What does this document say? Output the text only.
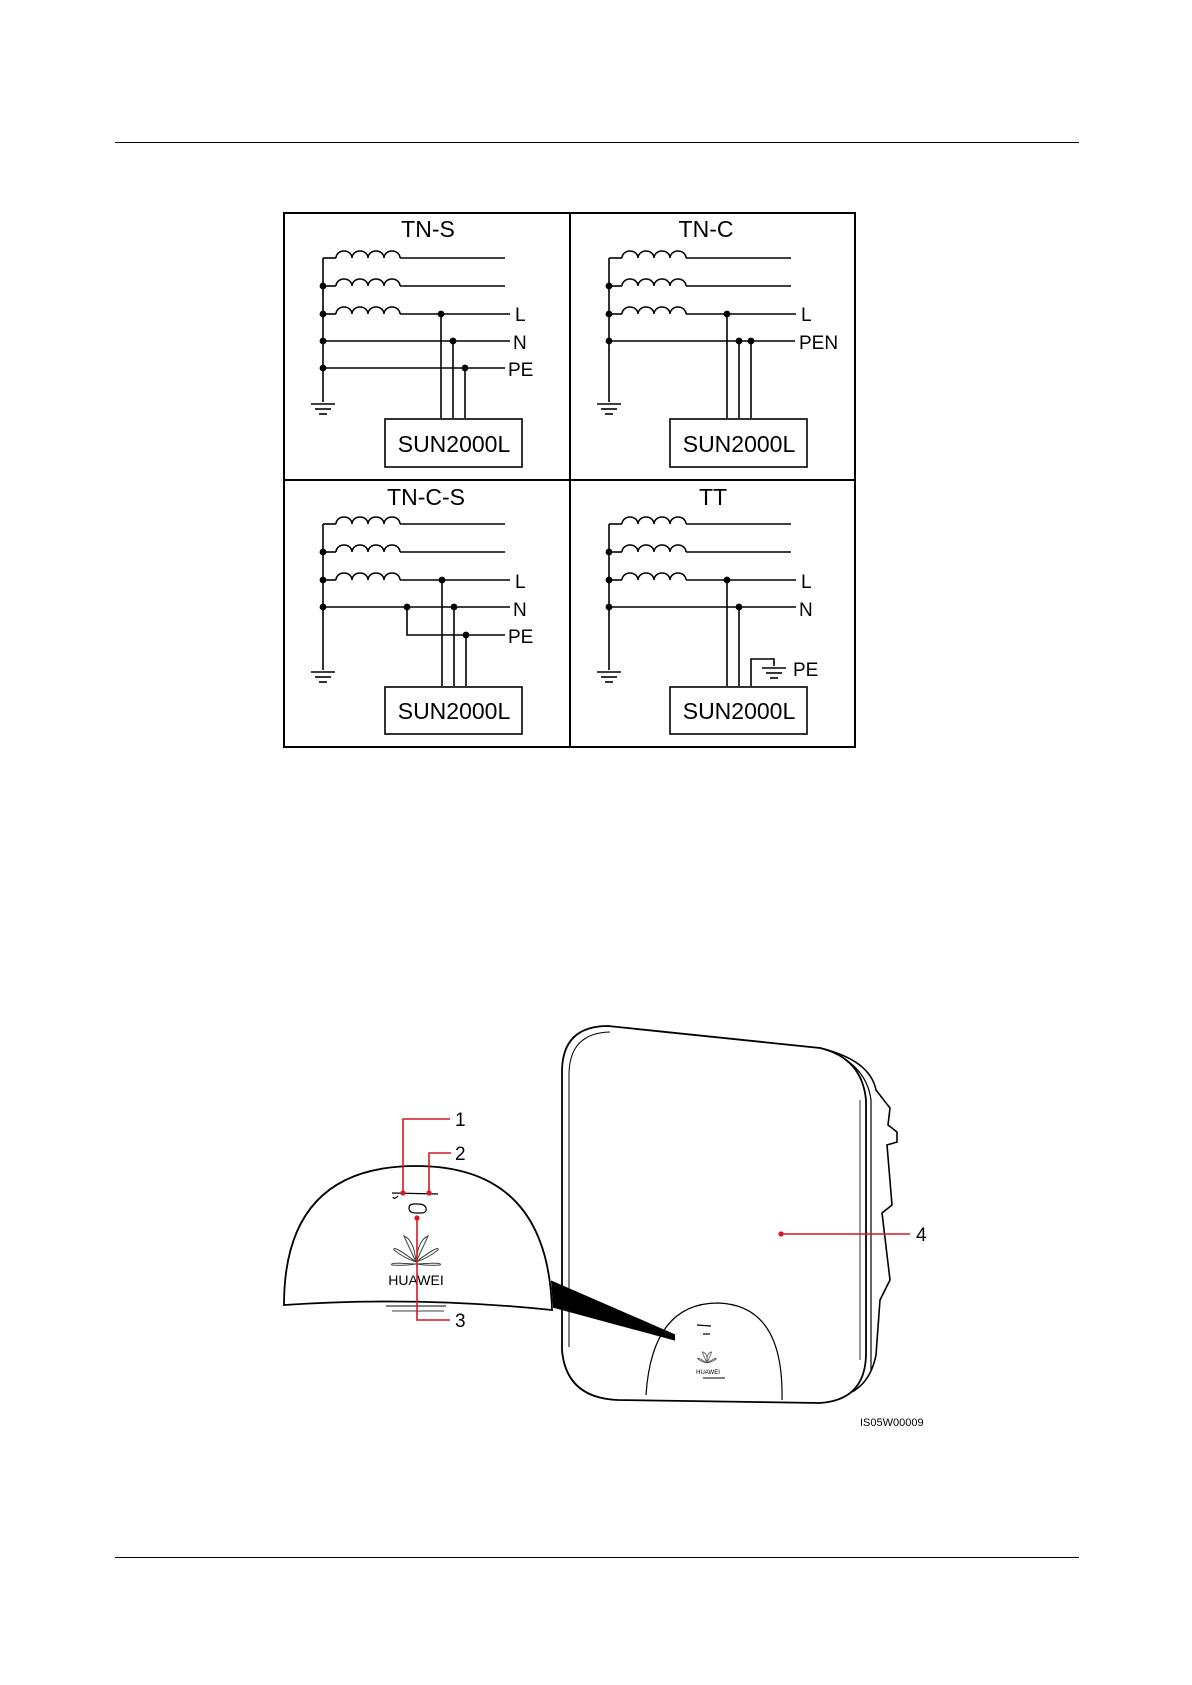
TN-S
L
N
PE
SUN2000L
TN-C
L
PEN
SUN2000L
TN-C-S
L
N
PE
SUN2000L
TT
L
N
PE
SUN2000L
HUAWEI
HUAWEI
1
2
3
4
IS05W00009
